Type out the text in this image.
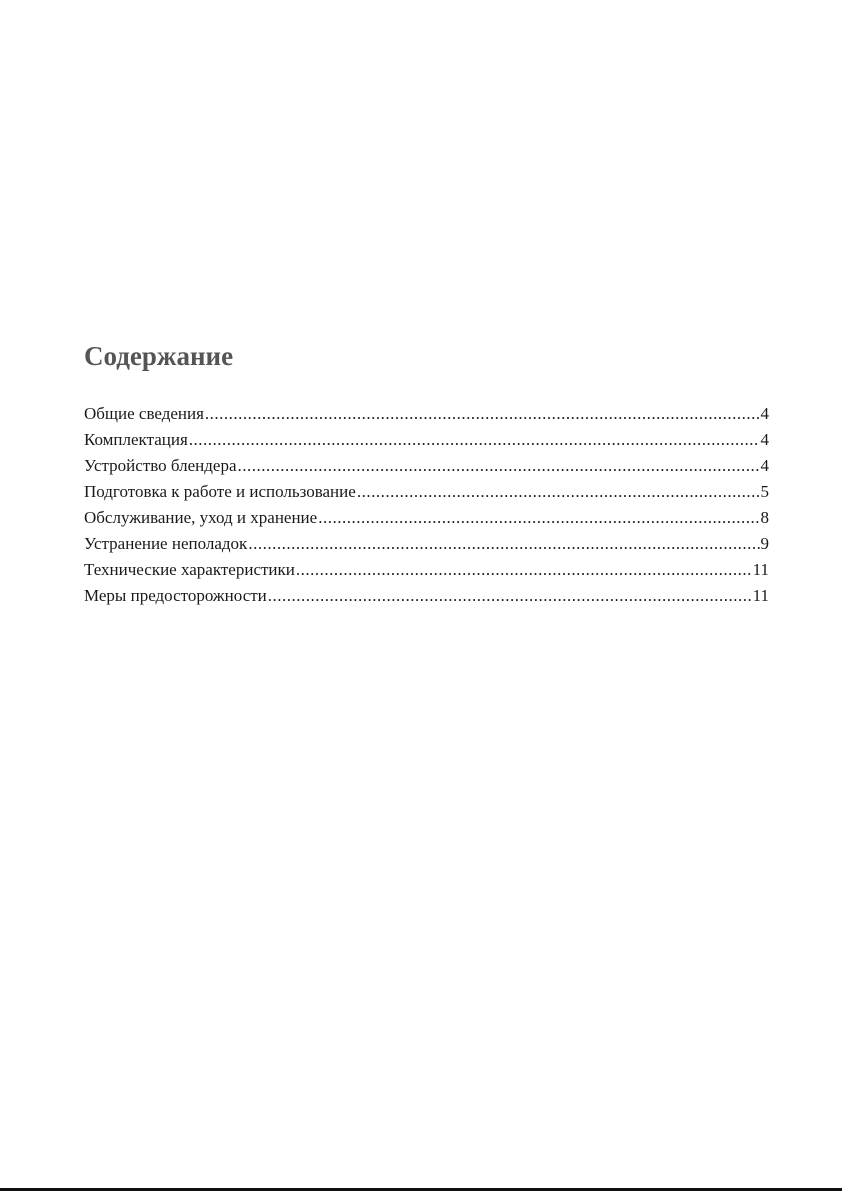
Содержание
Общие сведения .....	4
Комплектация .....	4
Устройство блендера .....	4
Подготовка к работе и использование .....	5
Обслуживание, уход и хранение .....	8
Устранение неполадок .....	9
Технические характеристики .....	11
Меры предосторожности .....	11
